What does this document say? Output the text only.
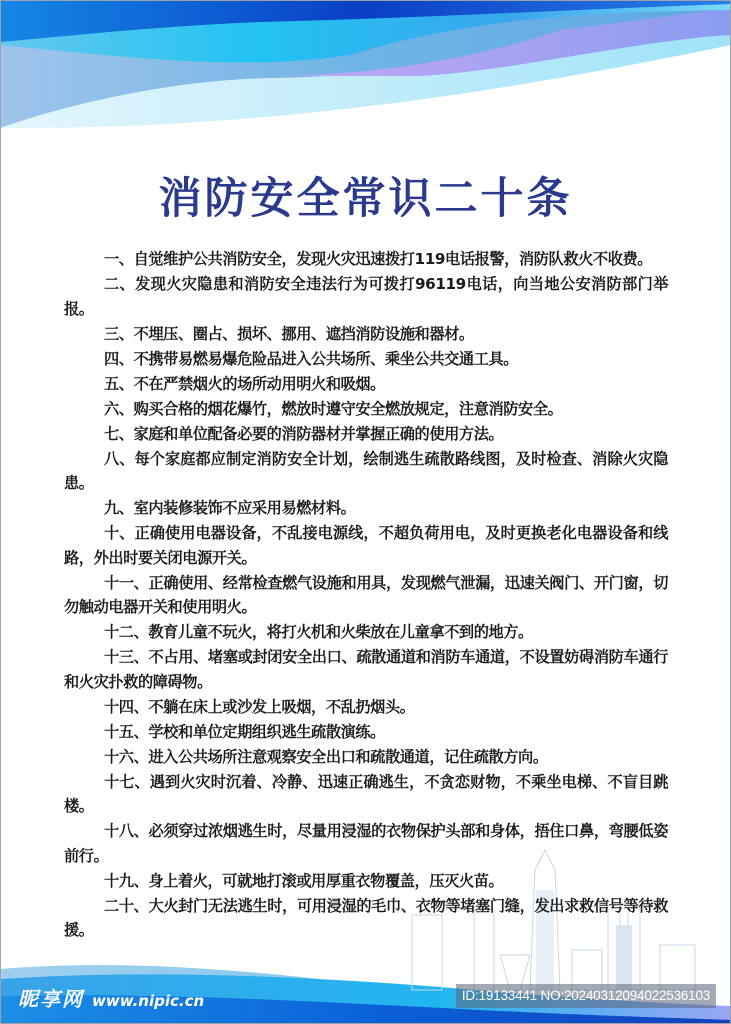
消防安全常识二十条

一、自觉维护公共消防安全，发现火灾迅速拨打119电话报警，消防队救火不收费。

二、发现火灾隐患和消防安全违法行为可拨打96119电话，向当地公安消防部门举报。

三、不埋压、圈占、损坏、挪用、遮挡消防设施和器材。

四、不携带易燃易爆危险品进入公共场所、乘坐公共交通工具。

五、不在严禁烟火的场所动用明火和吸烟。

六、购买合格的烟花爆竹，燃放时遵守安全燃放规定，注意消防安全。

七、家庭和单位配备必要的消防器材并掌握正确的使用方法。

八、每个家庭都应制定消防安全计划，绘制逃生疏散路线图，及时检查、消除火灾隐患。

九、室内装修装饰不应采用易燃材料。

十、正确使用电器设备，不乱接电源线，不超负荷用电，及时更换老化电器设备和线路，外出时要关闭电源开关。

十一、正确使用、经常检查燃气设施和用具，发现燃气泄漏，迅速关阀门、开门窗，切勿触动电器开关和使用明火。

十二、教育儿童不玩火，将打火机和火柴放在儿童拿不到的地方。

十三、不占用、堵塞或封闭安全出口、疏散通道和消防车通道，不设置妨碍消防车通行和火灾扑救的障碍物。

十四、不躺在床上或沙发上吸烟，不乱扔烟头。

十五、学校和单位定期组织逃生疏散演练。

十六、进入公共场所注意观察安全出口和疏散通道，记住疏散方向。

十七、遇到火灾时沉着、冷静、迅速正确逃生，不贪恋财物，不乘坐电梯、不盲目跳楼。

十八、必须穿过浓烟逃生时，尽量用浸湿的衣物保护头部和身体，捂住口鼻，弯腰低姿前行。

十九、身上着火，可就地打滚或用厚重衣物覆盖，压灭火苗。

二十、大火封门无法逃生时，可用浸湿的毛巾、衣物等堵塞门缝，发出求救信号等待救援。

昵享网 www.nipic.cn	ID:19133441 NO:20240312094022536103
